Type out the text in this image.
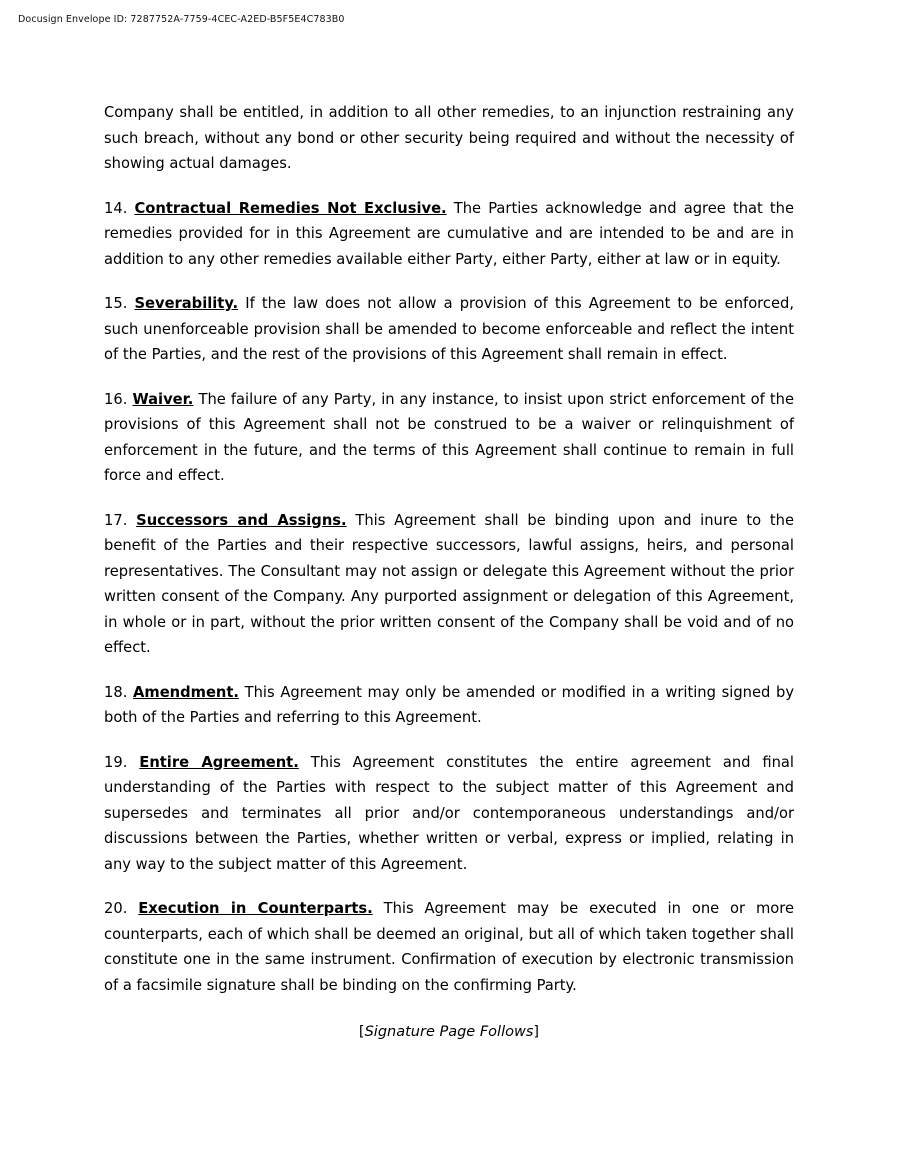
Docusign Envelope ID: 7287752A-7759-4CEC-A2ED-B5F5E4C783B0

Company shall be entitled, in addition to all other remedies, to an injunction restraining any such breach, without any bond or other security being required and without the necessity of showing actual damages.

14. Contractual Remedies Not Exclusive. The Parties acknowledge and agree that the remedies provided for in this Agreement are cumulative and are intended to be and are in addition to any other remedies available either Party, either Party, either at law or in equity.

15. Severability. If the law does not allow a provision of this Agreement to be enforced, such unenforceable provision shall be amended to become enforceable and reflect the intent of the Parties, and the rest of the provisions of this Agreement shall remain in effect.

16. Waiver. The failure of any Party, in any instance, to insist upon strict enforcement of the provisions of this Agreement shall not be construed to be a waiver or relinquishment of enforcement in the future, and the terms of this Agreement shall continue to remain in full force and effect.

17. Successors and Assigns. This Agreement shall be binding upon and inure to the benefit of the Parties and their respective successors, lawful assigns, heirs, and personal representatives. The Consultant may not assign or delegate this Agreement without the prior written consent of the Company. Any purported assignment or delegation of this Agreement, in whole or in part, without the prior written consent of the Company shall be void and of no effect.

18. Amendment. This Agreement may only be amended or modified in a writing signed by both of the Parties and referring to this Agreement.

19. Entire Agreement. This Agreement constitutes the entire agreement and final understanding of the Parties with respect to the subject matter of this Agreement and supersedes and terminates all prior and/or contemporaneous understandings and/or discussions between the Parties, whether written or verbal, express or implied, relating in any way to the subject matter of this Agreement.

20. Execution in Counterparts. This Agreement may be executed in one or more counterparts, each of which shall be deemed an original, but all of which taken together shall constitute one in the same instrument. Confirmation of execution by electronic transmission of a facsimile signature shall be binding on the confirming Party.

[Signature Page Follows]
